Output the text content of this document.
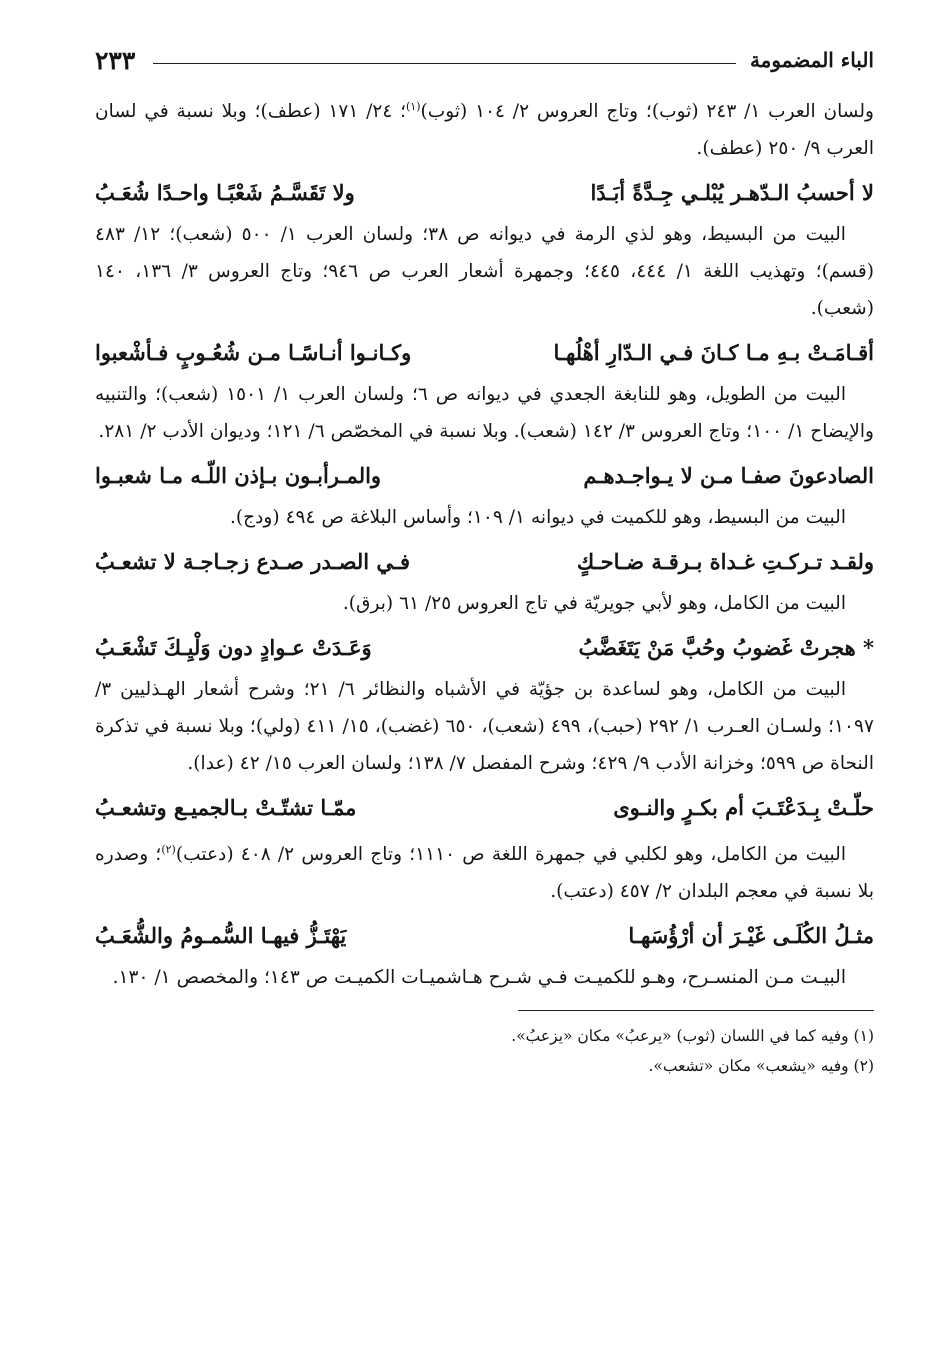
الباء المضمومة
٢٣٣

ولسان العرب ١/ ٢٤٣ (ثوب)؛ وتاج العروس ٢/ ١٠٤ (ثوب)$^{(١)}$؛ ٢٤/ ١٧١ (عطف)؛ وبلا نسبة في لسان العرب ٩/ ٢٥٠ (عطف).

لا أحسبُ الـدّهـر يُبْلـي جِـدَّةً أبَـدًا
ولا تَقَسَّـمُ شَعْبًـا واحـدًا شُعَـبُ

البيت من البسيط، وهو لذي الرمة في ديوانه ص ٣٨؛ ولسان العرب ١/ ٥٠٠ (شعب)؛ ١٢/ ٤٨٣ (قسم)؛ وتهذيب اللغة ١/ ٤٤٤، ٤٤٥؛ وجمهرة أشعار العرب ص ٩٤٦؛ وتاج العروس ٣/ ١٣٦، ١٤٠ (شعب).

أقـامَـتْ بـهِ مـا كـانَ فـي الـدّارِ أهْلُهـا
وكـانـوا أنـاسًـا مـن شُعُـوبٍ فـأشْعبوا

البيت من الطويل، وهو للنابغة الجعدي في ديوانه ص ٦؛ ولسان العرب ١/ ١٥٠١ (شعب)؛ والتنبيه والإيضاح ١/ ١٠٠؛ وتاج العروس ٣/ ١٤٢ (شعب). وبلا نسبة في المخصّص ٦/ ١٢١؛ وديوان الأدب ٢/ ٢٨١.

الصادعونَ صفـا مـن لا يـواجـدهـم
والمـرأبـون بـإذن اللّـه مـا شعبـوا

البيت من البسيط، وهو للكميت في ديوانه ١/ ١٠٩؛ وأساس البلاغة ص ٤٩٤ (ودج).

ولقـد تـركـتِ غـداة بـرقـة ضـاحـكٍ
فـي الصـدر صـدع زجـاجـة لا تشعـبُ

البيت من الكامل، وهو لأبي جويريّة في تاج العروس ٢٥/ ٦١ (برق).

* هجرتْ غَضوبُ وحُبَّ مَنْ يَتَغَضَّبُ
وَعَـدَتْ عـوادٍ دون وَلْيِـكَ تَشْعَـبُ

البيت من الكامل، وهو لساعدة بن جؤيّة في الأشباه والنظائر ٦/ ٢١؛ وشرح أشعار الهـذليين ٣/ ١٠٩٧؛ ولسـان العـرب ١/ ٢٩٢ (حبب)، ٤٩٩ (شعب)، ٦٥٠ (غضب)، ١٥/ ٤١١ (ولي)؛ وبلا نسبة في تذكرة النحاة ص ٥٩٩؛ وخزانة الأدب ٩/ ٤٢٩؛ وشرح المفصل ٧/ ١٣٨؛ ولسان العرب ١٥/ ٤٢ (عدا).

حلّـتْ بِـدَعْتَـبَ أم بكـرٍ والنـوى
ممّـا تشتّـتْ بـالجميـع وتشعـبُ

البيت من الكامل، وهو لكلبي في جمهرة اللغة ص ١١١٠؛ وتاج العروس ٢/ ٤٠٨ (دعتب)$^{(٢)}$؛ وصدره بلا نسبة في معجم البلدان ٢/ ٤٥٧ (دعتب).

مثـلُ الكُلَـى غَيْـرَ أن أرْؤُسَهـا
يَهْتَـزُّ فيهـا السُّمـومُ والشُّعَـبُ

البيـت مـن المنسـرح، وهـو للكميـت فـي شـرح هـاشميـات الكميـت ص ١٤٣؛ والمخصص ١/ ١٣٠.

(١) وفيه كما في اللسان (ثوب) «يرعبُ» مكان «يزعبُ».

(٢) وفيه «يشعب» مكان «تشعب».
